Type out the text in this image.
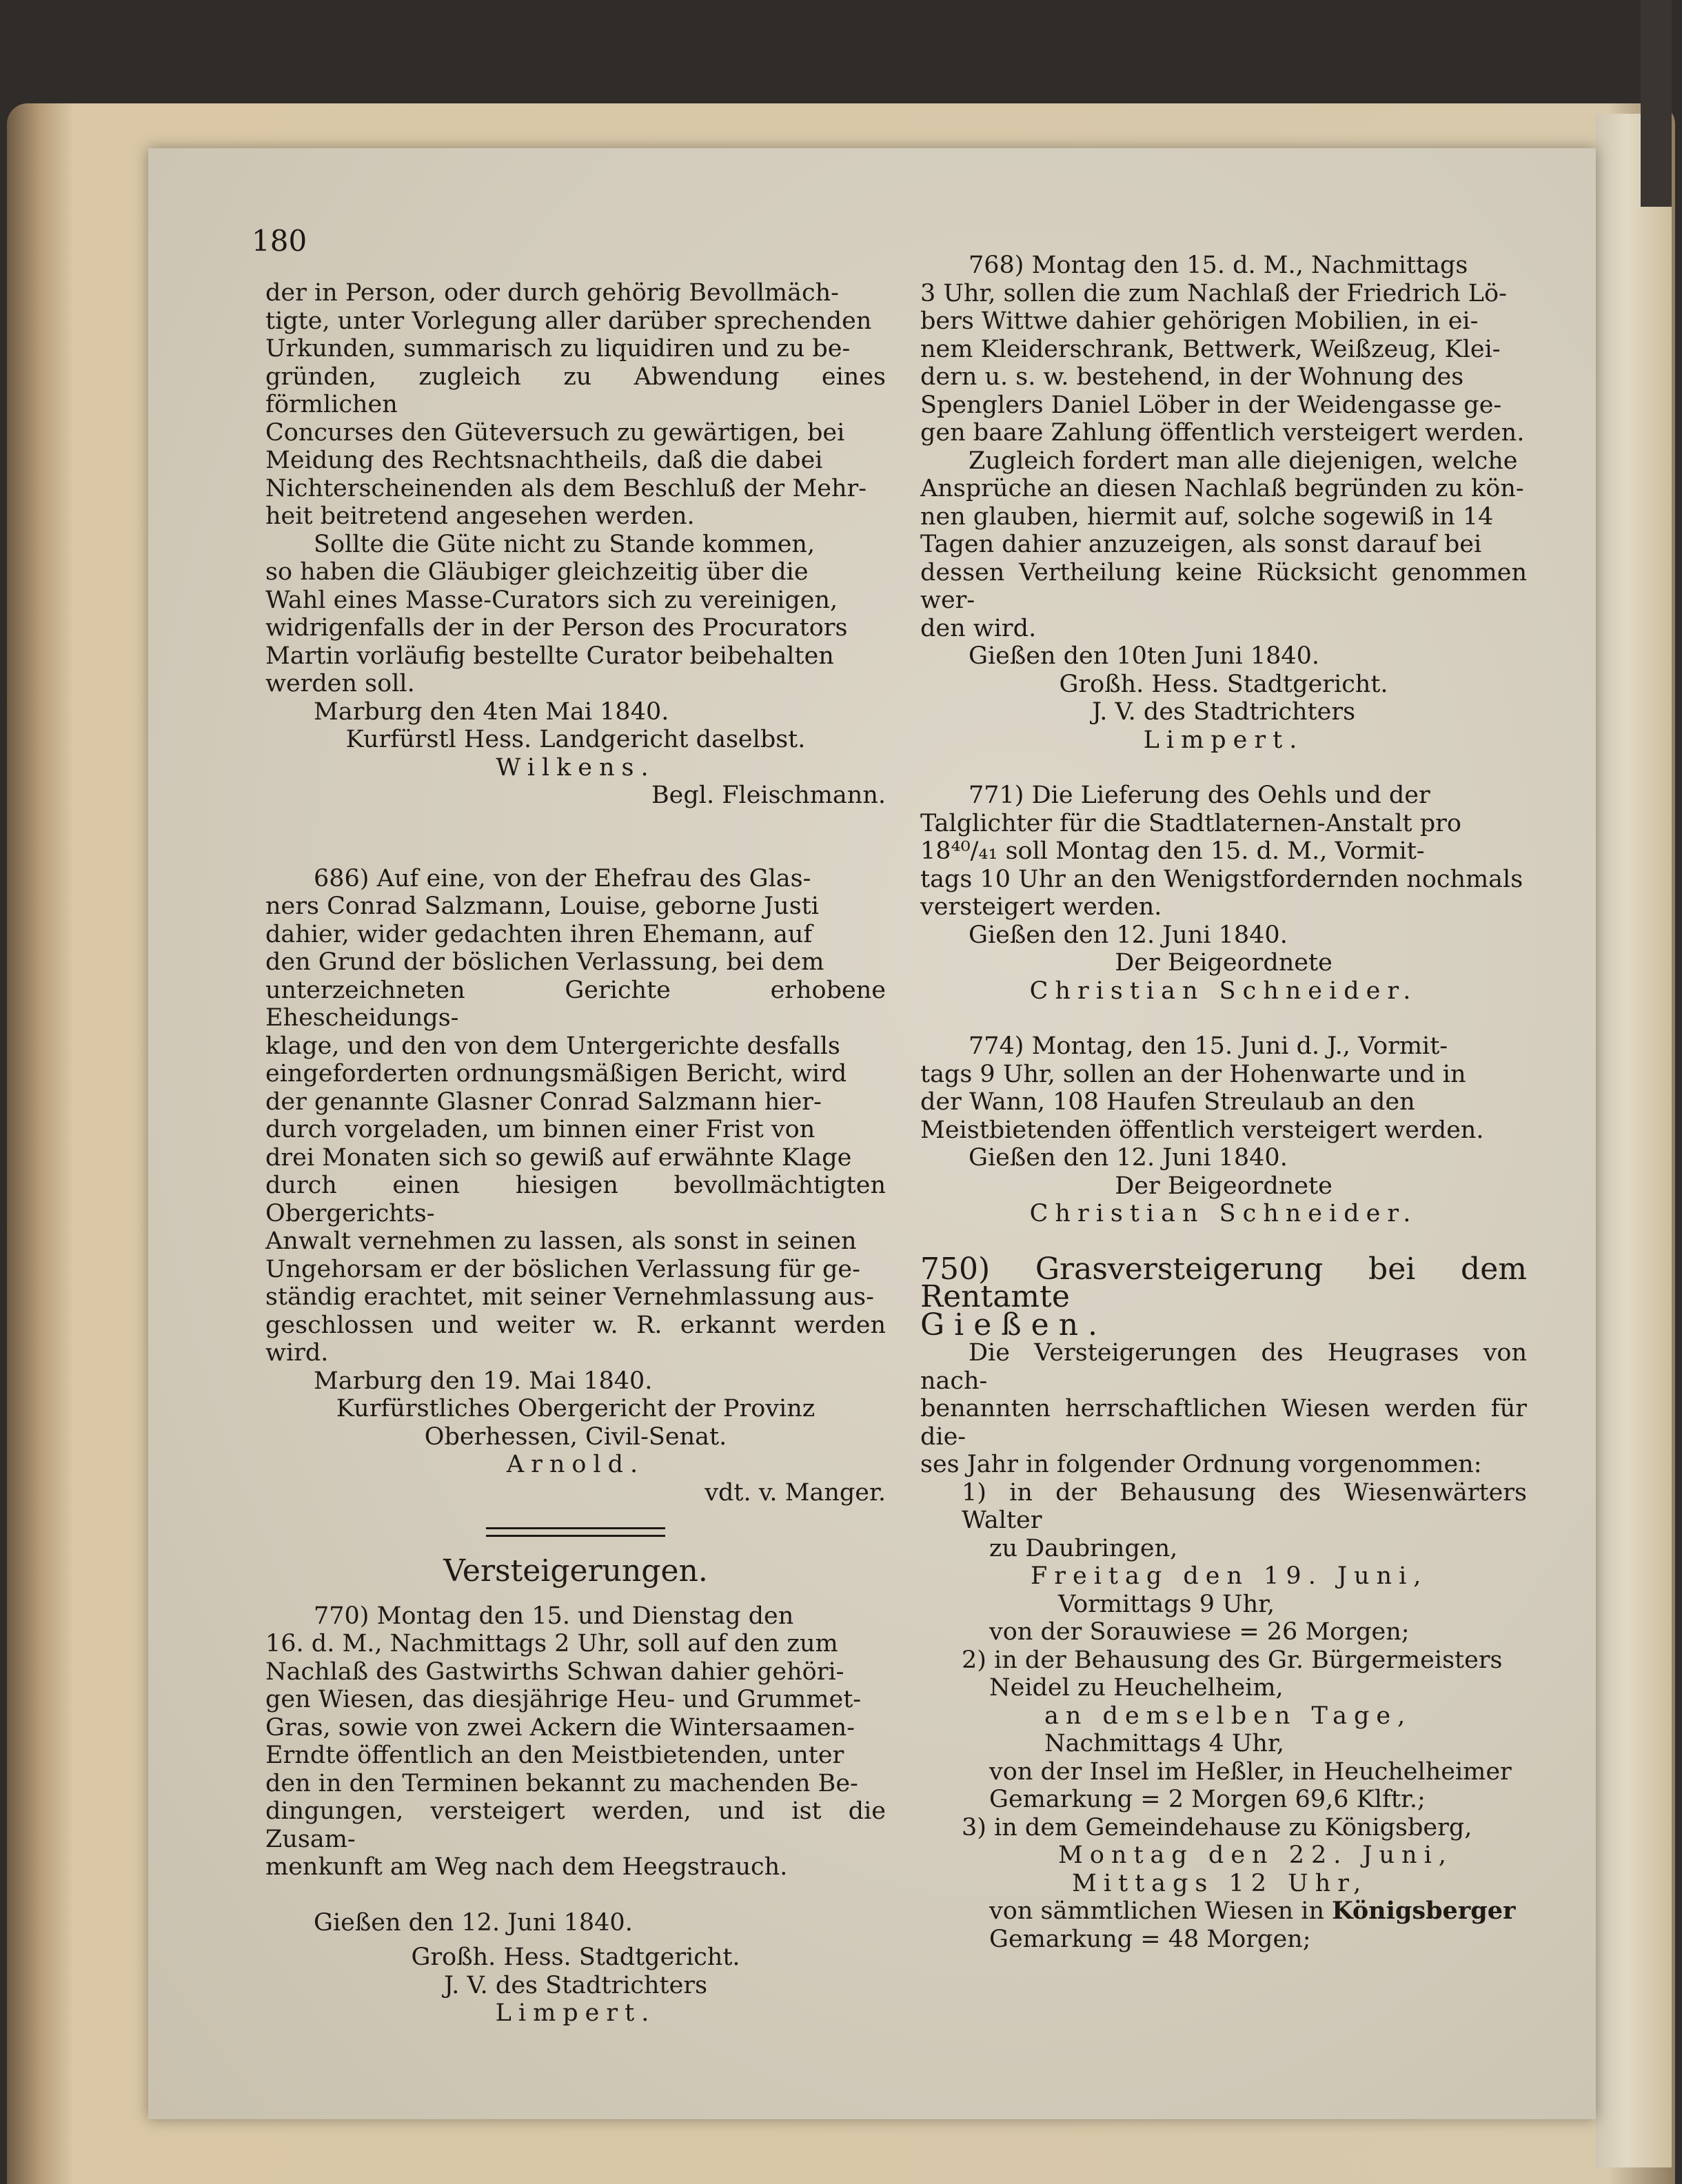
180

der in Person, oder durch gehörig Bevollmäch-

tigte, unter Vorlegung aller darüber sprechenden

Urkunden, summarisch zu liquidiren und zu be-

gründen, zugleich zu Abwendung eines förmlichen

Concurses den Güteversuch zu gewärtigen, bei

Meidung des Rechtsnachtheils, daß die dabei

Nichterscheinenden als dem Beschluß der Mehr-

heit beitretend angesehen werden.

Sollte die Güte nicht zu Stande kommen,

so haben die Gläubiger gleichzeitig über die

Wahl eines Masse-Curators sich zu vereinigen,

widrigenfalls der in der Person des Procurators

Martin vorläufig bestellte Curator beibehalten

werden soll.

Marburg den 4ten Mai 1840.

Kurfürstl Hess. Landgericht daselbst.

Wilkens.

Begl. Fleischmann.

686) Auf eine, von der Ehefrau des Glas-

ners Conrad Salzmann, Louise, geborne Justi

dahier, wider gedachten ihren Ehemann, auf

den Grund der böslichen Verlassung, bei dem

unterzeichneten Gerichte erhobene Ehescheidungs-

klage, und den von dem Untergerichte desfalls

eingeforderten ordnungsmäßigen Bericht, wird

der genannte Glasner Conrad Salzmann hier-

durch vorgeladen, um binnen einer Frist von

drei Monaten sich so gewiß auf erwähnte Klage

durch einen hiesigen bevollmächtigten Obergerichts-

Anwalt vernehmen zu lassen, als sonst in seinen

Ungehorsam er der böslichen Verlassung für ge-

ständig erachtet, mit seiner Vernehmlassung aus-

geschlossen und weiter w. R. erkannt werden wird.

Marburg den 19. Mai 1840.

Kurfürstliches Obergericht der Provinz

Oberhessen, Civil-Senat.

Arnold.

vdt. v. Manger.

Versteigerungen.

770) Montag den 15. und Dienstag den

16. d. M., Nachmittags 2 Uhr, soll auf den zum

Nachlaß des Gastwirths Schwan dahier gehöri-

gen Wiesen, das diesjährige Heu- und Grummet-

Gras, sowie von zwei Ackern die Wintersaamen-

Erndte öffentlich an den Meistbietenden, unter

den in den Terminen bekannt zu machenden Be-

dingungen, versteigert werden, und ist die Zusam-

menkunft am Weg nach dem Heegstrauch.

Gießen den 12. Juni 1840.

Großh. Hess. Stadtgericht.

J. V. des Stadtrichters

Limpert.

768) Montag den 15. d. M., Nachmittags

3 Uhr, sollen die zum Nachlaß der Friedrich Lö-

bers Wittwe dahier gehörigen Mobilien, in ei-

nem Kleiderschrank, Bettwerk, Weißzeug, Klei-

dern u. s. w. bestehend, in der Wohnung des

Spenglers Daniel Löber in der Weidengasse ge-

gen baare Zahlung öffentlich versteigert werden.

Zugleich fordert man alle diejenigen, welche

Ansprüche an diesen Nachlaß begründen zu kön-

nen glauben, hiermit auf, solche sogewiß in 14

Tagen dahier anzuzeigen, als sonst darauf bei

dessen Vertheilung keine Rücksicht genommen wer-

den wird.

Gießen den 10ten Juni 1840.

Großh. Hess. Stadtgericht.

J. V. des Stadtrichters

Limpert.

771) Die Lieferung des Oehls und der

Talglichter für die Stadtlaternen-Anstalt pro

18⁴⁰/₄₁ soll Montag den 15. d. M., Vormit-

tags 10 Uhr an den Wenigstfordernden nochmals

versteigert werden.

Gießen den 12. Juni 1840.

Der Beigeordnete

Christian Schneider.

774) Montag, den 15. Juni d. J., Vormit-

tags 9 Uhr, sollen an der Hohenwarte und in

der Wann, 108 Haufen Streulaub an den

Meistbietenden öffentlich versteigert werden.

Gießen den 12. Juni 1840.

Der Beigeordnete

Christian Schneider.

750) Grasversteigerung bei dem Rentamte

Gießen.

Die Versteigerungen des Heugrases von nach-

benannten herrschaftlichen Wiesen werden für die-

ses Jahr in folgender Ordnung vorgenommen:

1) in der Behausung des Wiesenwärters Walter

zu Daubringen,

Freitag den 19. Juni,

Vormittags 9 Uhr,

von der Sorauwiese = 26 Morgen;

2) in der Behausung des Gr. Bürgermeisters

Neidel zu Heuchelheim,

an demselben Tage,

Nachmittags 4 Uhr,

von der Insel im Heßler, in Heuchelheimer

Gemarkung = 2 Morgen 69,6 Klftr.;

3) in dem Gemeindehause zu Königsberg,

Montag den 22. Juni,

Mittags 12 Uhr,

von sämmtlichen Wiesen in Königsberger

Gemarkung = 48 Morgen;
